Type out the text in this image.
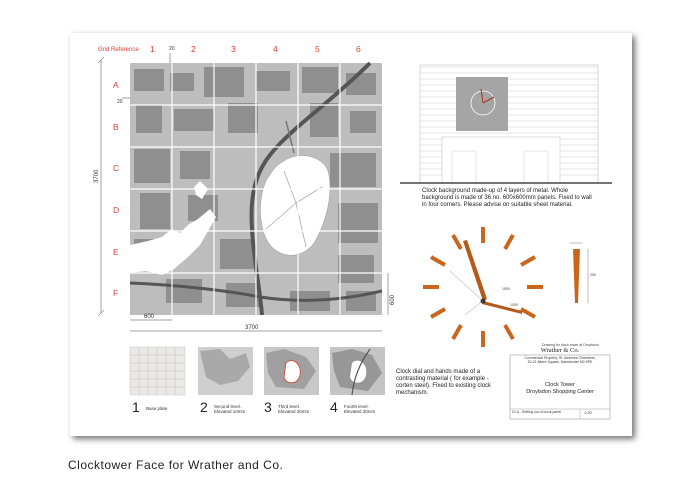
Grid Reference 1	20 2	3	4	5	6
A
20
B
C
D
E
F
3700
600
3700
600
Clock background made-up of 4 layers of metal. Whole background is made of 36 no. 600x600mm panels. Fixed to wall in four corners. Please advise on suitable sheet material.
Clock dial and hands made of a contrasting material ( for example - corten steel). Fixed to existing clock mechanism.
1500
1000
250
Drawing for clock tower at Droylsdon
1 Base plate	2 Second level. Elevated 10mm	3 Third level. Elevated 20mm	4 Fourth level. Elevated 30mm
Wrather & Co.
Commercial Property. St. Andrews Chambers, 20-21 Albert Square, Manchester M2 5PE
Clock Tower
Droylsdon Shopping Center
01 A - Setting out of clock panel	1:20
Clocktower Face for Wrather and Co.
